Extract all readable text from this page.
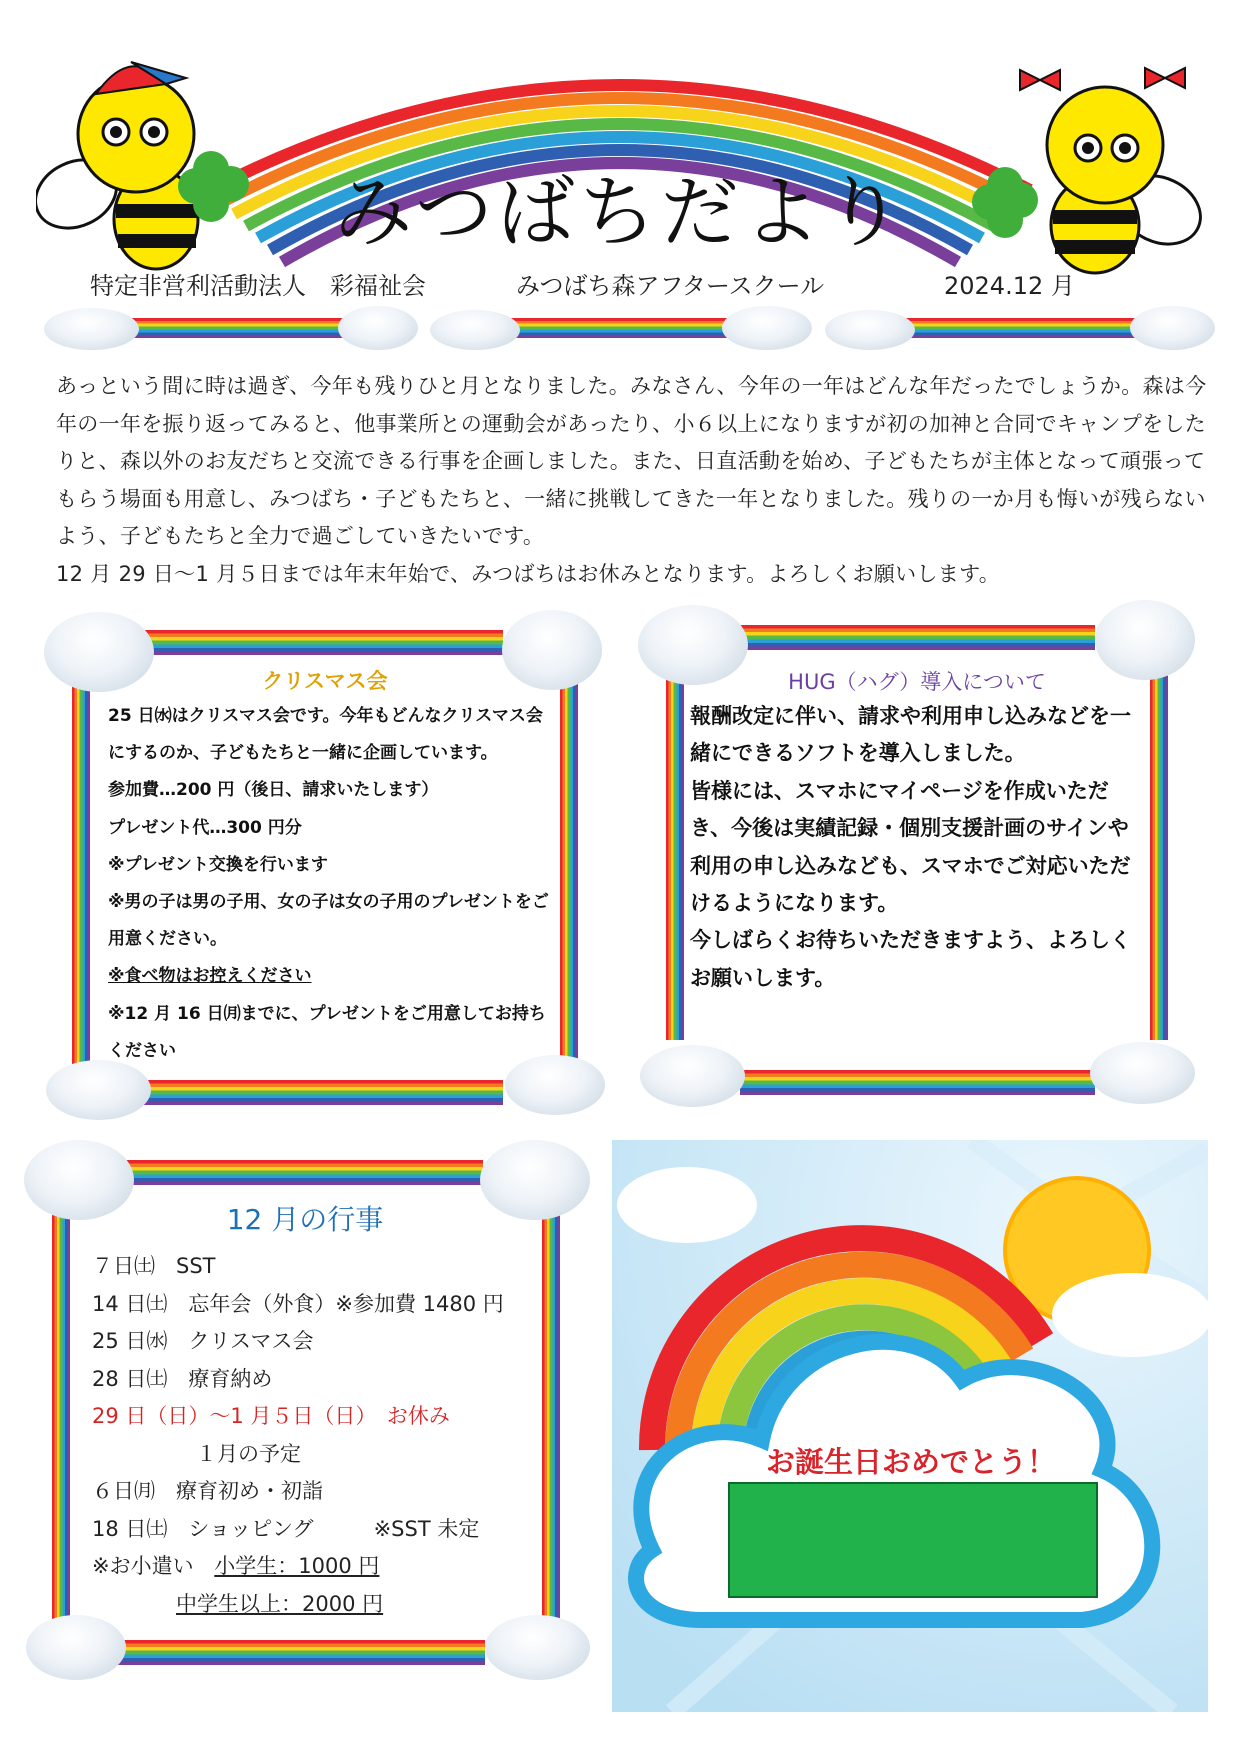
みつばちだより
特定非営利活動法人　彩福祉会	みつばち森アフタースクール	2024.12 月
あっという間に時は過ぎ、今年も残りひと月となりました。みなさん、今年の一年はどんな年だったでしょうか。森は今年の一年を振り返ってみると、他事業所との運動会があったり、小６以上になりますが初の加神と合同でキャンプをしたりと、森以外のお友だちと交流できる行事を企画しました。また、日直活動を始め、子どもたちが主体となって頑張ってもらう場面も用意し、みつばち・子どもたちと、一緒に挑戦してきた一年となりました。残りの一か月も悔いが残らないよう、子どもたちと全力で過ごしていきたいです。
12 月 29 日～1 月５日までは年末年始で、みつばちはお休みとなります。よろしくお願いします。
クリスマス会
25 日㈬はクリスマス会です。今年もどんなクリスマス会にするのか、子どもたちと一緒に企画しています。
参加費…200 円（後日、請求いたします）
プレゼント代…300 円分
※プレゼント交換を行います
※男の子は男の子用、女の子は女の子用のプレゼントをご用意ください。
※食べ物はお控えください
※12 月 16 日㈪までに、プレゼントをご用意してお持ちください
HUG（ハグ）導入について
報酬改定に伴い、請求や利用申し込みなどを一緒にできるソフトを導入しました。
皆様には、スマホにマイページを作成いただき、今後は実績記録・個別支援計画のサインや利用の申し込みなども、スマホでご対応いただけるようになります。
今しばらくお待ちいただきますよう、よろしくお願いします。
12 月の行事
７日㈯　SST
14 日㈯　忘年会（外食）※参加費 1480 円
25 日㈬　クリスマス会
28 日㈯　療育納め
29 日（日）～1 月５日（日）　お休み
１月の予定
６日㈪　療育初め・初詣
18 日㈯　ショッピング	※SST 未定
※お小遣い 小学生：1000 円
中学生以上：2000 円
お誕生日おめでとう！
